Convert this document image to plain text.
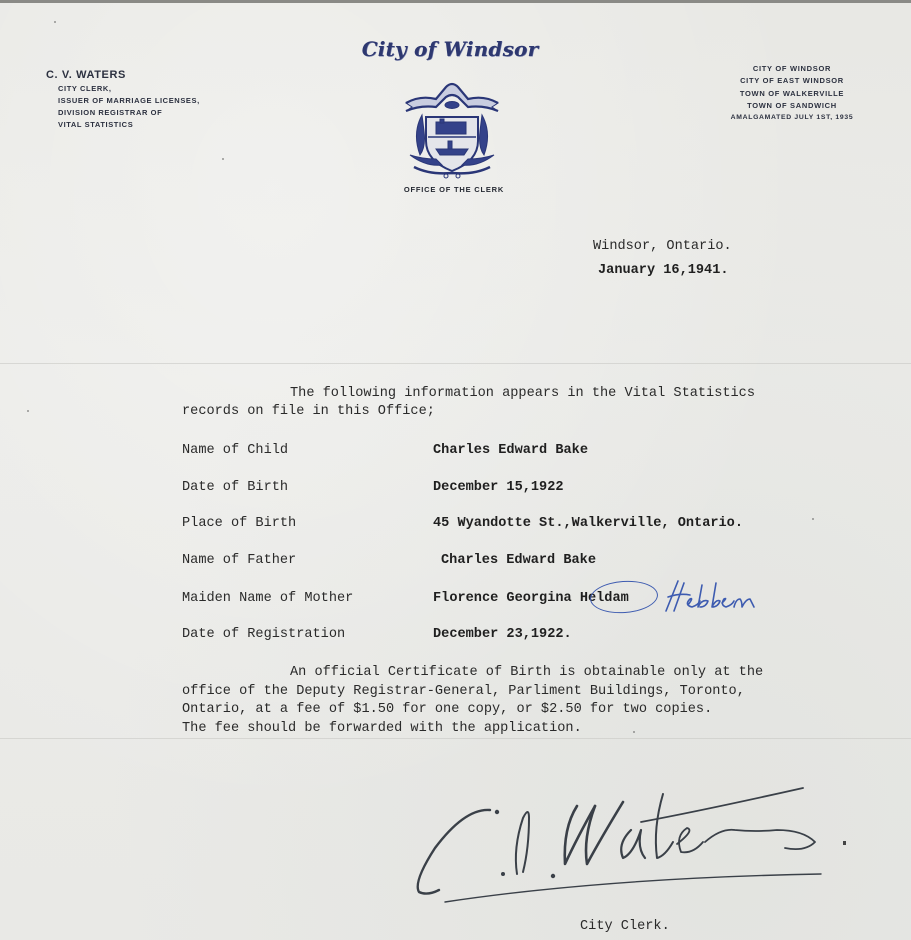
C. V. WATERS
CITY CLERK,
ISSUER OF MARRIAGE LICENSES,
DIVISION REGISTRAR OF
VITAL STATISTICS
City of Windsor
OFFICE OF THE CLERK
CITY OF WINDSOR
CITY OF EAST WINDSOR
TOWN OF WALKERVILLE
TOWN OF SANDWICH
AMALGAMATED JULY 1ST, 1935
Windsor, Ontario.
January 16,1941.
The following information appears in the Vital Statistics
records on file in this Office;
Name of Child	Charles Edward Bake
Date of Birth	December 15,1922
Place of Birth	45 Wyandotte St.,Walkerville, Ontario.
Name of Father	Charles Edward Bake
Maiden Name of Mother	Florence Georgina Heldam
Date of Registration	December 23,1922.
An official Certificate of Birth is obtainable only at the
office of the Deputy Registrar-General, Parliment Buildings, Toronto,
Ontario, at a fee of $1.50 for one copy, or $2.50 for two copies.
The fee should be forwarded with the application.
City Clerk.
